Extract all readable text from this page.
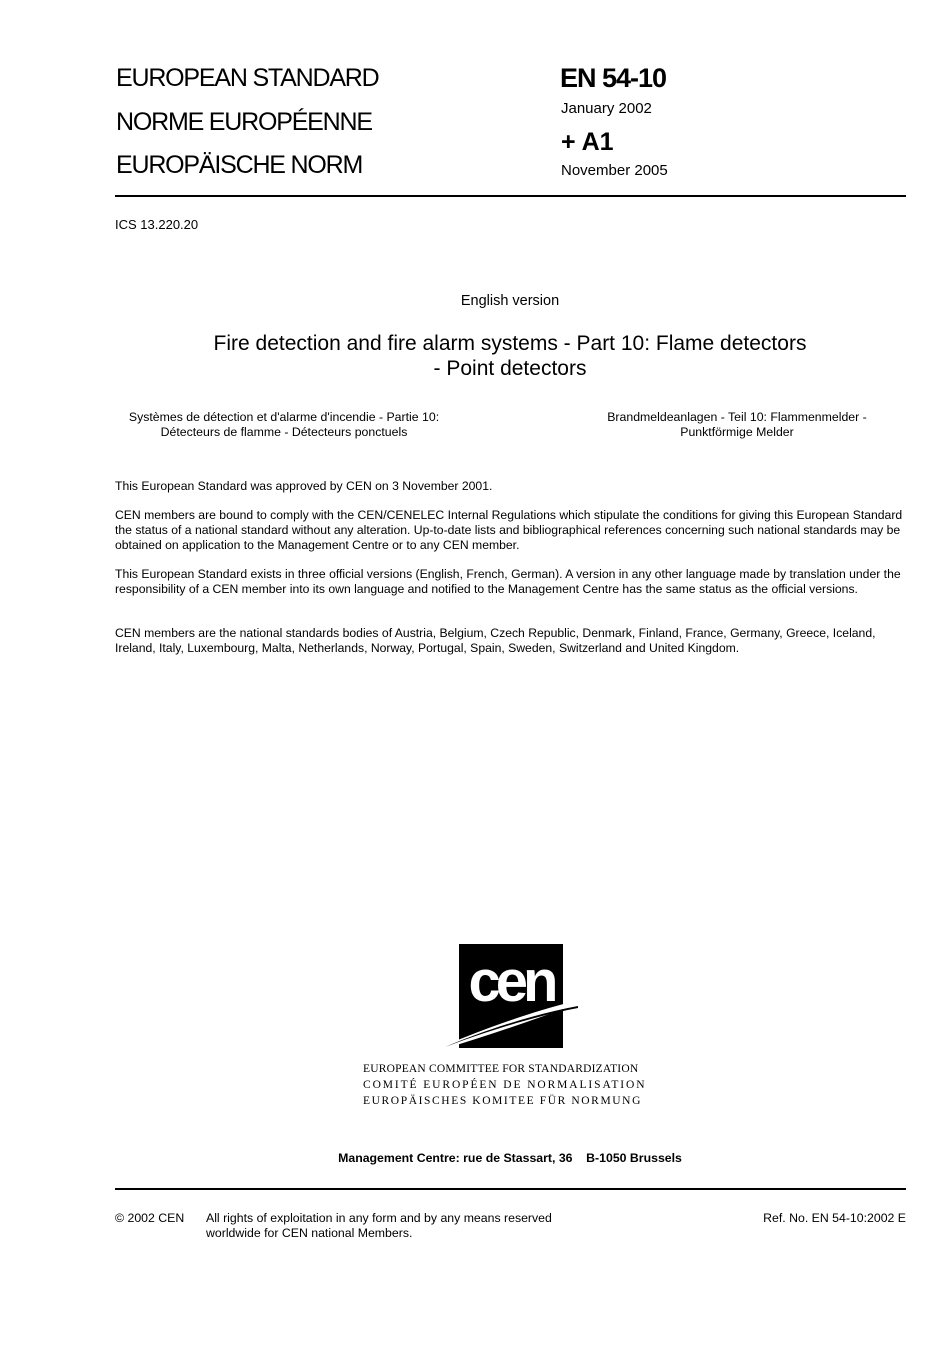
EUROPEAN STANDARD
NORME EUROPÉENNE
EUROPÄISCHE NORM
EN 54-10
January 2002
+ A1
November 2005
ICS 13.220.20
English version
Fire detection and fire alarm systems - Part 10: Flame detectors
- Point detectors
Systèmes de détection et d'alarme d'incendie - Partie 10:
Détecteurs de flamme - Détecteurs ponctuels
Brandmeldeanlagen - Teil 10: Flammenmelder -
Punktförmige Melder
This European Standard was approved by CEN on 3 November 2001.
CEN members are bound to comply with the CEN/CENELEC Internal Regulations which stipulate the conditions for giving this European Standard the status of a national standard without any alteration. Up-to-date lists and bibliographical references concerning such national standards may be obtained on application to the Management Centre or to any CEN member.
This European Standard exists in three official versions (English, French, German). A version in any other language made by translation under the responsibility of a CEN member into its own language and notified to the Management Centre has the same status as the official versions.
CEN members are the national standards bodies of Austria, Belgium, Czech Republic, Denmark, Finland, France, Germany, Greece, Iceland, Ireland, Italy, Luxembourg, Malta, Netherlands, Norway, Portugal, Spain, Sweden, Switzerland and United Kingdom.
cen
EUROPEAN COMMITTEE FOR STANDARDIZATION
COMITÉ EUROPÉEN DE NORMALISATION
EUROPÄISCHES KOMITEE FÜR NORMUNG
Management Centre: rue de Stassart, 36    B-1050 Brussels
© 2002 CEN All rights of exploitation in any form and by any means reserved
worldwide for CEN national Members.
Ref. No. EN 54-10:2002 E
